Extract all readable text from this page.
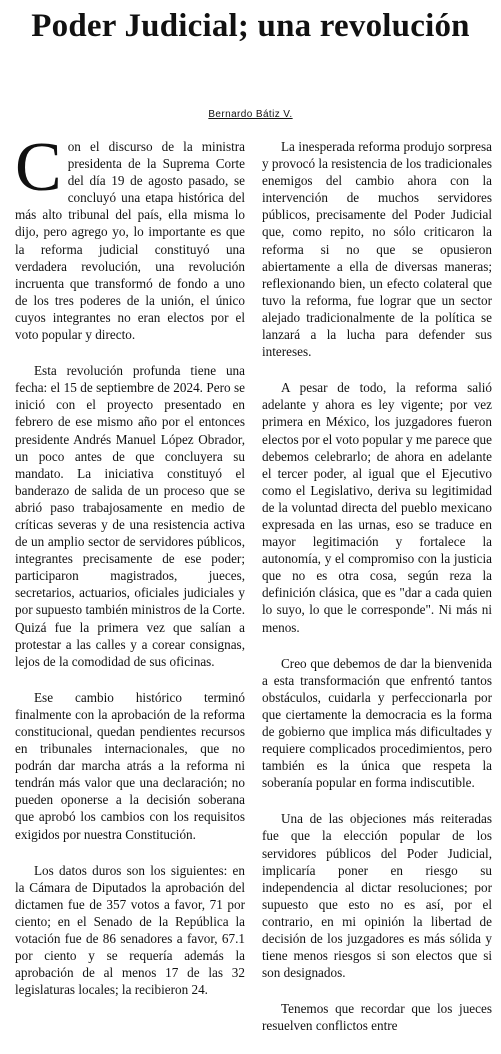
Poder Judicial; una revolución
Bernardo Bátiz V.

Con el discurso de la ministra presidenta de la Suprema Corte del día 19 de agosto pasado, se concluyó una etapa histórica del más alto tribunal del país, ella misma lo dijo, pero agrego yo, lo importante es que la reforma judicial constituyó una verdadera revolución, una revolución incruenta que transformó de fondo a uno de los tres poderes de la unión, el único cuyos integrantes no eran electos por el voto popular y directo.

Esta revolución profunda tiene una fecha: el 15 de septiembre de 2024. Pero se inició con el proyecto presentado en febrero de ese mismo año por el entonces presidente Andrés Manuel López Obrador, un poco antes de que concluyera su mandato. La iniciativa constituyó el banderazo de salida de un proceso que se abrió paso trabajosamente en medio de críticas severas y de una resistencia activa de un amplio sector de servidores públicos, integrantes precisamente de ese poder; participaron magistrados, jueces, secretarios, actuarios, oficiales judiciales y por supuesto también ministros de la Corte. Quizá fue la primera vez que salían a protestar a las calles y a corear consignas, lejos de la comodidad de sus oficinas.

Ese cambio histórico terminó finalmente con la aprobación de la reforma constitucional, quedan pendientes recursos en tribunales internacionales, que no podrán dar marcha atrás a la reforma ni tendrán más valor que una declaración; no pueden oponerse a la decisión soberana que aprobó los cambios con los requisitos exigidos por nuestra Constitución.

Los datos duros son los siguientes: en la Cámara de Diputados la aprobación del dictamen fue de 357 votos a favor, 71 por ciento; en el Senado de la República la votación fue de 86 senadores a favor, 67.1 por ciento y se requería además la aprobación de al menos 17 de las 32 legislaturas locales; la recibieron 24.

La inesperada reforma produjo sorpresa y provocó la resistencia de los tradicionales enemigos del cambio ahora con la intervención de muchos servidores públicos, precisamente del Poder Judicial que, como repito, no sólo criticaron la reforma si no que se opusieron abiertamente a ella de diversas maneras; reflexionando bien, un efecto colateral que tuvo la reforma, fue lograr que un sector alejado tradicionalmente de la política se lanzará a la lucha para defender sus intereses.

A pesar de todo, la reforma salió adelante y ahora es ley vigente; por vez primera en México, los juzgadores fueron electos por el voto popular y me parece que debemos celebrarlo; de ahora en adelante el tercer poder, al igual que el Ejecutivo como el Legislativo, deriva su legitimidad de la voluntad directa del pueblo mexicano expresada en las urnas, eso se traduce en mayor legitimación y fortalece la autonomía, y el compromiso con la justicia que no es otra cosa, según reza la definición clásica, que es "dar a cada quien lo suyo, lo que le corresponde". Ni más ni menos.

Creo que debemos de dar la bienvenida a esta transformación que enfrentó tantos obstáculos, cuidarla y perfeccionarla por que ciertamente la democracia es la forma de gobierno que implica más dificultades y requiere complicados procedimientos, pero también es la única que respeta la soberanía popular en forma indiscutible.

Una de las objeciones más reiteradas fue que la elección popular de los servidores públicos del Poder Judicial, implicaría poner en riesgo su independencia al dictar resoluciones; por supuesto que esto no es así, por el contrario, en mi opinión la libertad de decisión de los juzgadores es más sólida y tiene menos riesgos si son electos que si son designados.

Tenemos que recordar que los jueces resuelven conflictos entre
